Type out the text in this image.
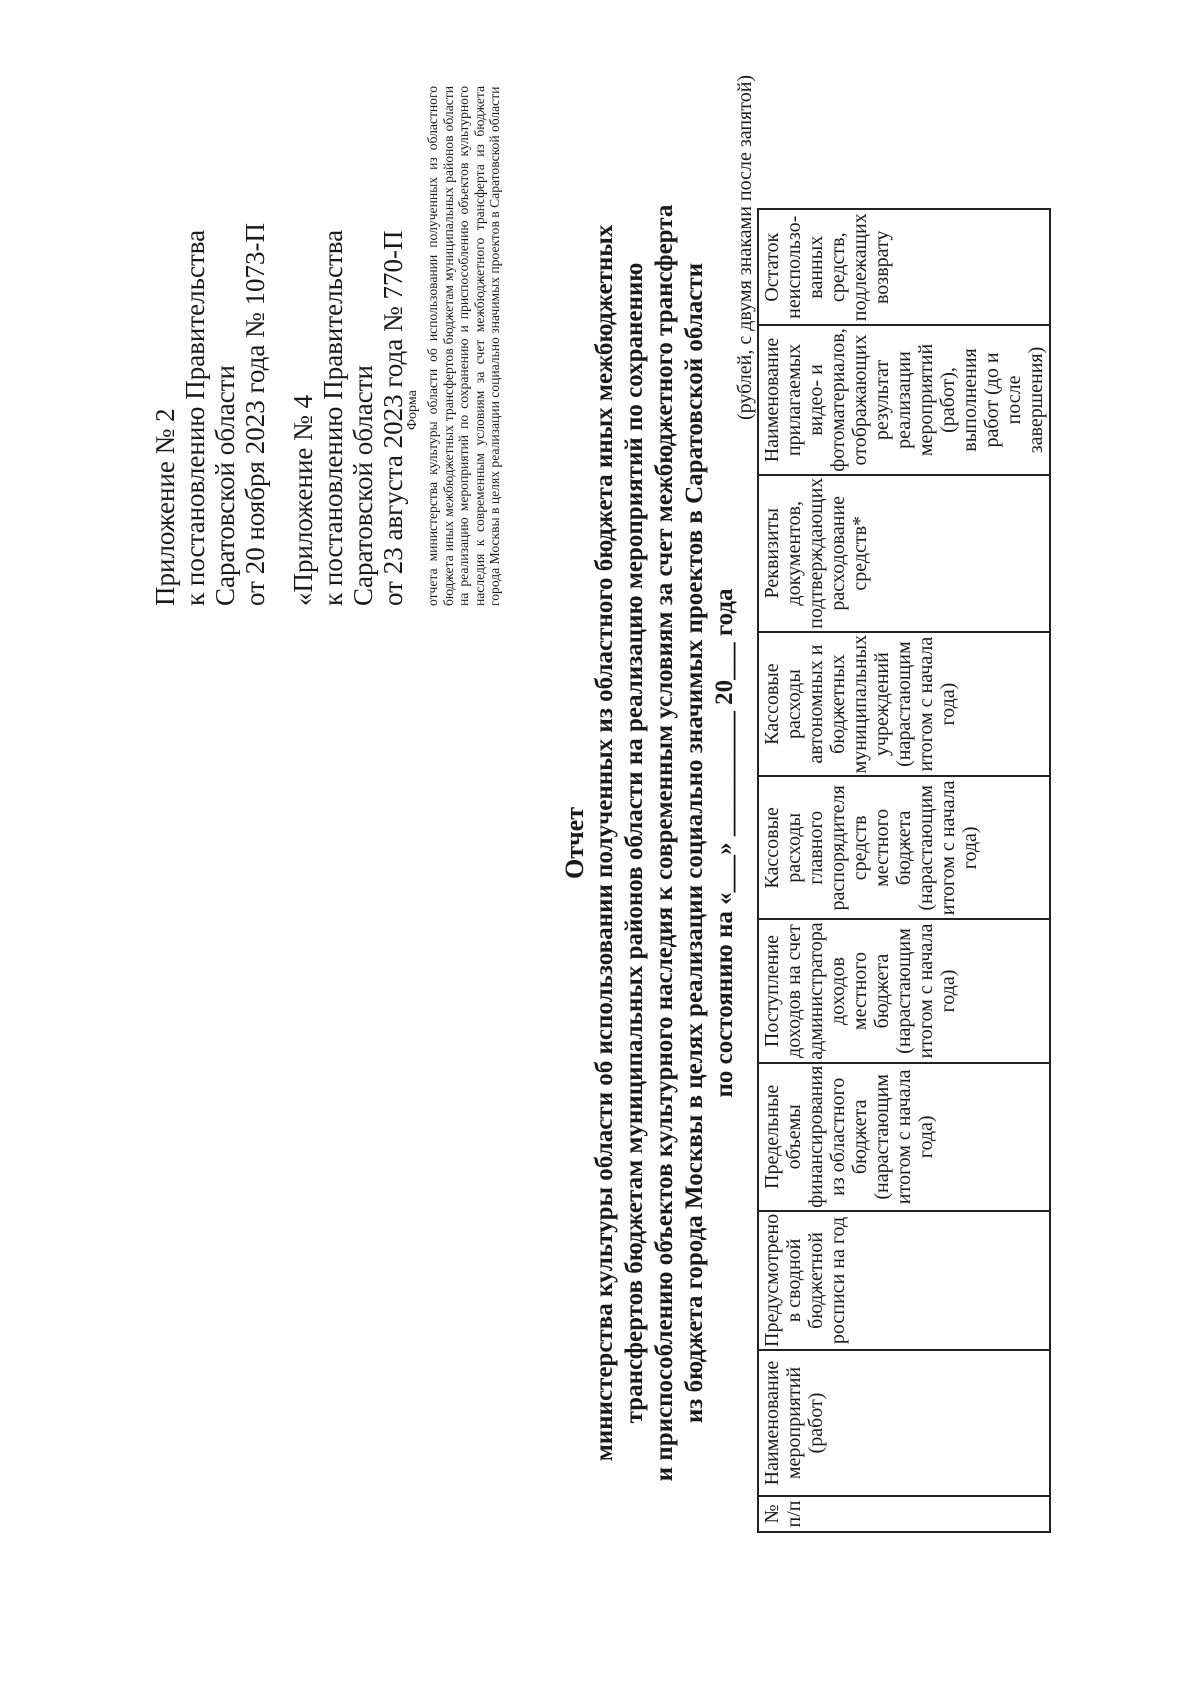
Приложение № 2 к постановлению Правительства Саратовской области от 20 ноября 2023 года № 1073-П «Приложение № 4 к постановлению Правительства Саратовской области от 23 августа 2023 года № 770-П
Форма отчета министерства культуры области об использовании полученных из областного бюджета иных межбюджетных трансфертов бюджетам муниципальных районов области на реализацию мероприятий по сохранению и приспособлению объектов культурного наследия к современным условиям за счет межбюджетного трансферта из бюджета города Москвы в целях реализации социально значимых проектов в Саратовской области
Отчет министерства культуры области об использовании полученных из областного бюджета иных межбюджетных трансфертов бюджетам муниципальных районов области на реализацию мероприятий по сохранению и приспособлению объектов культурного наследия к современным условиям за счет межбюджетного трансферта из бюджета города Москвы в целях реализации социально значимых проектов в Саратовской области по состоянию на «___» __________ 20___ года
(рублей, с двумя знаками после запятой)
№ п/п	Наименование мероприятий (работ)	Предусмотрено в сводной бюджетной росписи на год	Предельные объемы финансирования из областного бюджета (нарастающим итогом с начала года)	Поступление доходов на счет администратора доходов местного бюджета (нарастающим итогом с начала года)	Кассовые расходы главного распорядителя средств местного бюджета (нарастающим итогом с начала года)	Кассовые расходы автономных и бюджетных муниципальных учреждений (нарастающим итогом с начала года)	Реквизиты документов, подтверждающих расходование средств*	Наименование прилагаемых видео- и фотоматериалов, отображающих результат реализации мероприятий (работ), выполнения работ (до и после завершения)	Остаток неиспользо-ванных средств, подлежащих возврату
